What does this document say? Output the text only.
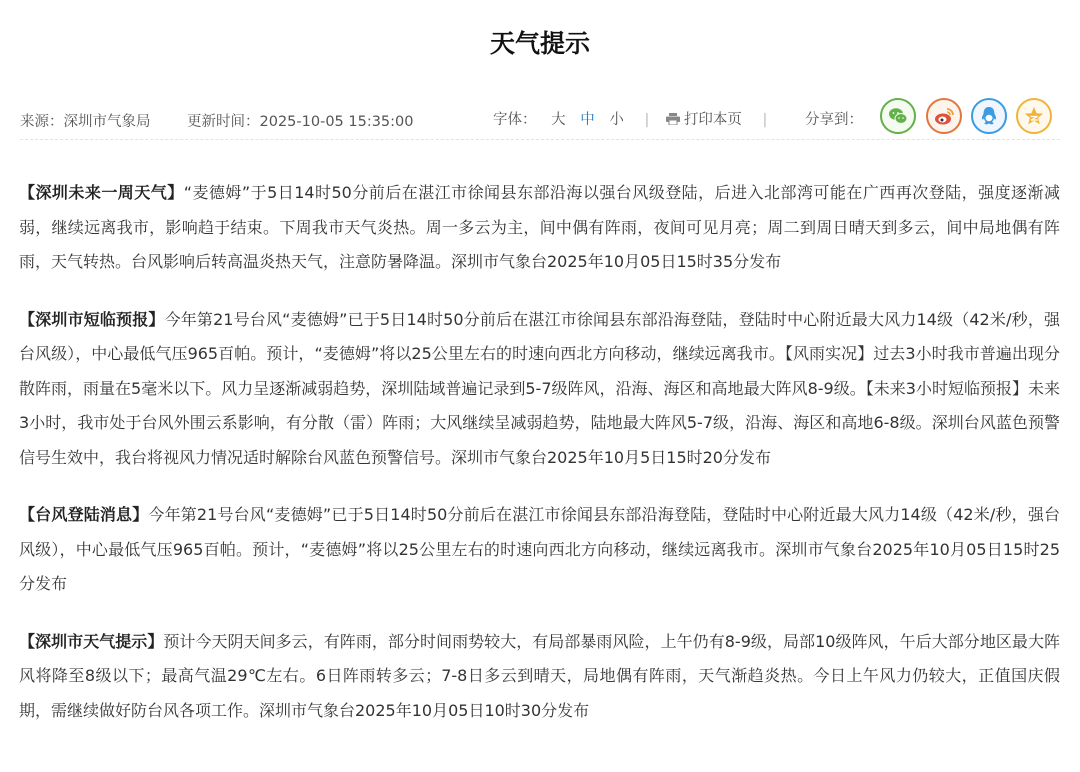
天气提示
来源：深圳市气象局	更新时间：2025-10-05 15:35:00	字体： 大 中 小 | 打印本页 |	分享到：

【深圳未来一周天气】“麦德姆”于5日14时50分前后在湛江市徐闻县东部沿海以强台风级登陆，后进入北部湾可能在广西再次登陆，强度逐渐减弱，继续远离我市，影响趋于结束。下周我市天气炎热。周一多云为主，间中偶有阵雨，夜间可见月亮；周二到周日晴天到多云，间中局地偶有阵雨，天气转热。台风影响后转高温炎热天气，注意防暑降温。深圳市气象台2025年10月05日15时35分发布

【深圳市短临预报】今年第21号台风“麦德姆”已于5日14时50分前后在湛江市徐闻县东部沿海登陆，登陆时中心附近最大风力14级（42米/秒，强台风级），中心最低气压965百帕。预计，“麦德姆”将以25公里左右的时速向西北方向移动，继续远离我市。【风雨实况】过去3小时我市普遍出现分散阵雨，雨量在5毫米以下。风力呈逐渐减弱趋势，深圳陆域普遍记录到5-7级阵风，沿海、海区和高地最大阵风8-9级。【未来3小时短临预报】未来3小时，我市处于台风外围云系影响，有分散（雷）阵雨；大风继续呈减弱趋势，陆地最大阵风5-7级，沿海、海区和高地6-8级。深圳台风蓝色预警信号生效中，我台将视风力情况适时解除台风蓝色预警信号。深圳市气象台2025年10月5日15时20分发布

【台风登陆消息】今年第21号台风“麦德姆”已于5日14时50分前后在湛江市徐闻县东部沿海登陆，登陆时中心附近最大风力14级（42米/秒，强台风级），中心最低气压965百帕。预计，“麦德姆”将以25公里左右的时速向西北方向移动，继续远离我市。深圳市气象台2025年10月05日15时25分发布

【深圳市天气提示】预计今天阴天间多云，有阵雨，部分时间雨势较大，有局部暴雨风险，上午仍有8-9级，局部10级阵风，午后大部分地区最大阵风将降至8级以下；最高气温29℃左右。6日阵雨转多云；7-8日多云到晴天，局地偶有阵雨，天气渐趋炎热。今日上午风力仍较大，正值国庆假期，需继续做好防台风各项工作。深圳市气象台2025年10月05日10时30分发布
